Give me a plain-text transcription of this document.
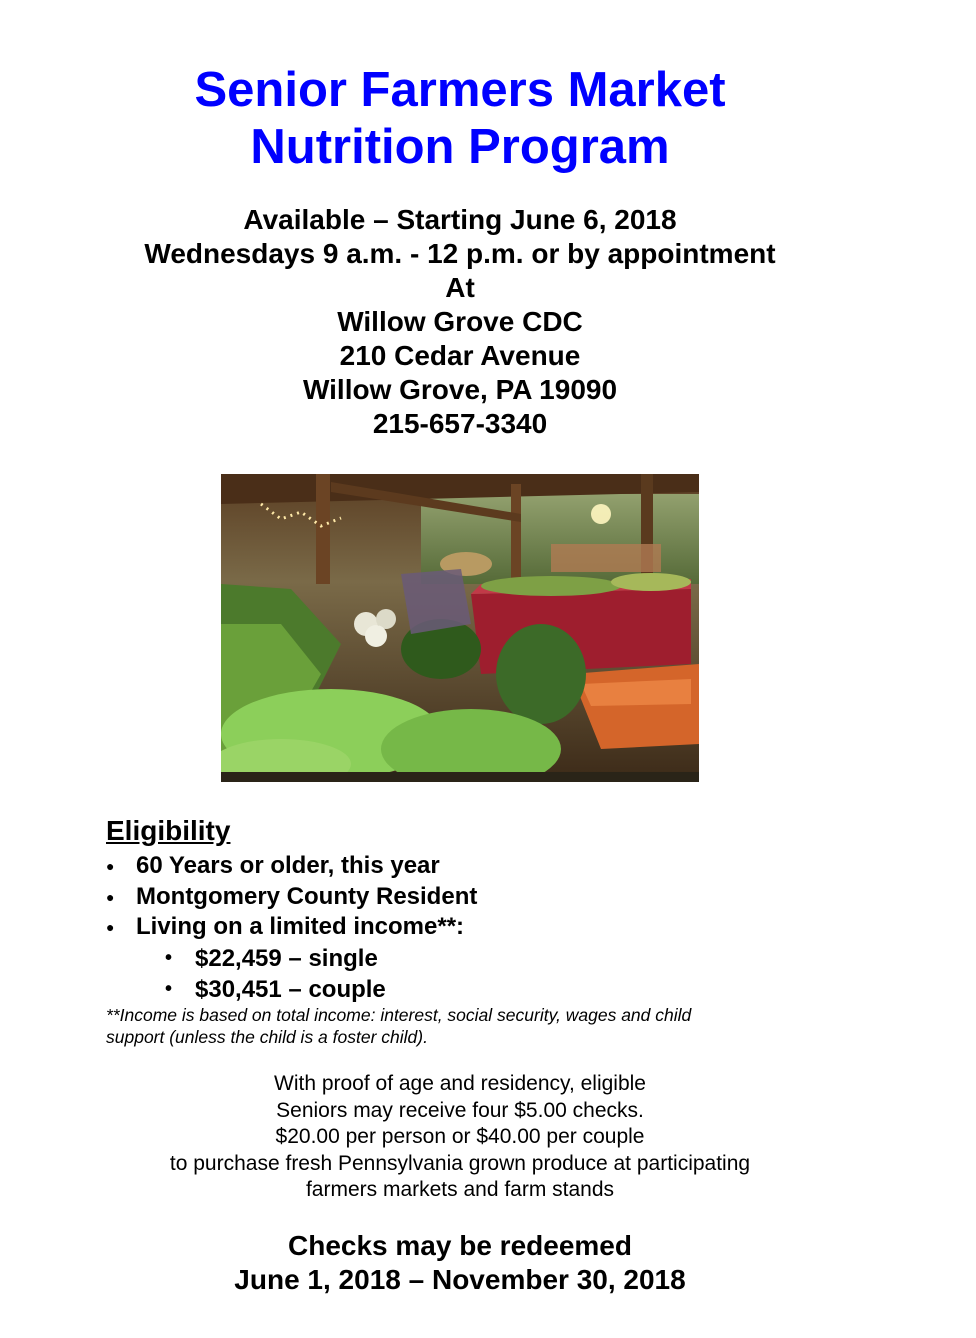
Senior Farmers Market
Nutrition Program
Available – Starting June 6, 2018
Wednesdays 9 a.m. - 12 p.m. or by appointment
At
Willow Grove CDC
210 Cedar Avenue
Willow Grove, PA 19090
215-657-3340
Eligibility
● 60 Years or older, this year
● Montgomery County Resident
● Living on a limited income**:
• $22,459 – single
• $30,451 – couple
**Income is based on total income: interest, social security, wages and child
support (unless the child is a foster child).
With proof of age and residency, eligible
Seniors may receive four $5.00 checks.
$20.00 per person or $40.00 per couple
to purchase fresh Pennsylvania grown produce at participating
farmers markets and farm stands
Checks may be redeemed
June 1, 2018 – November 30, 2018
